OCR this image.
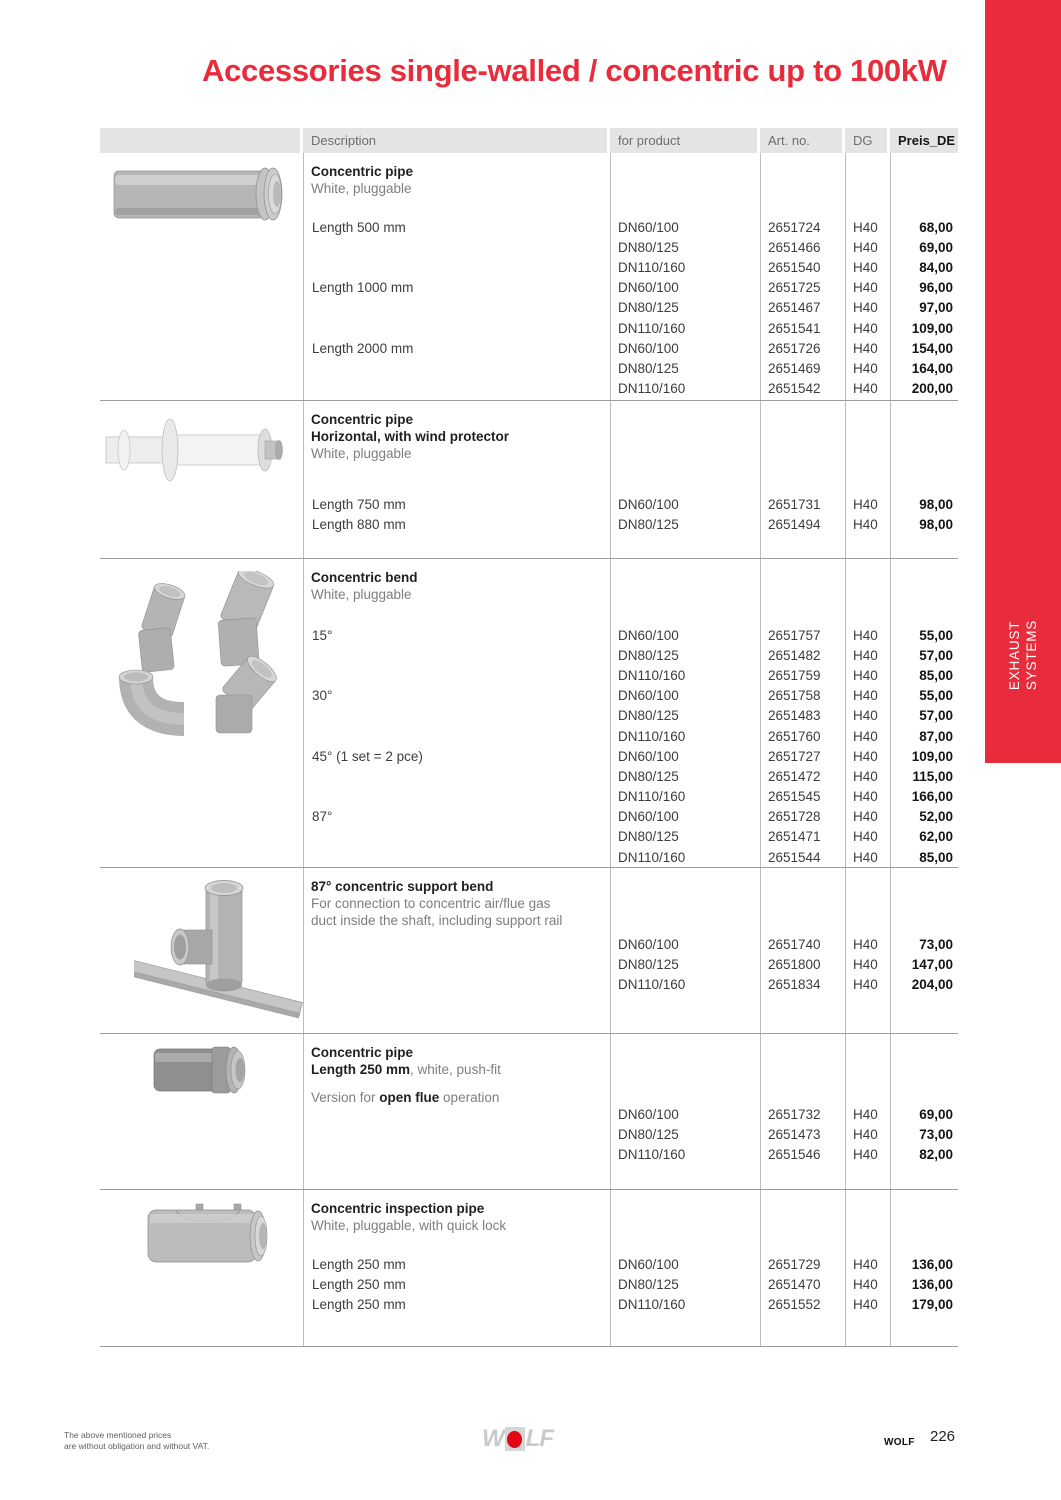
EXHAUST SYSTEMS
Accessories single-walled / concentric up to 100kW
Description	for product	Art. no.	DG	Preis_DE
Concentric pipe
White, pluggable
Length 500 mm	DN60/100	2651724	H40	68,00
DN80/125	2651466	H40	69,00
DN110/160	2651540	H40	84,00
Length 1000 mm	DN60/100	2651725	H40	96,00
DN80/125	2651467	H40	97,00
DN110/160	2651541	H40	109,00
Length 2000 mm	DN60/100	2651726	H40	154,00
DN80/125	2651469	H40	164,00
DN110/160	2651542	H40	200,00
Concentric pipe
Horizontal, with wind protector
White, pluggable
Length 750 mm	DN60/100	2651731	H40	98,00
Length 880 mm	DN80/125	2651494	H40	98,00
Concentric bend
White, pluggable
15°	DN60/100	2651757	H40	55,00
DN80/125	2651482	H40	57,00
DN110/160	2651759	H40	85,00
30°	DN60/100	2651758	H40	55,00
DN80/125	2651483	H40	57,00
DN110/160	2651760	H40	87,00
45° (1 set = 2 pce)	DN60/100	2651727	H40	109,00
DN80/125	2651472	H40	115,00
DN110/160	2651545	H40	166,00
87°	DN60/100	2651728	H40	52,00
DN80/125	2651471	H40	62,00
DN110/160	2651544	H40	85,00
87° concentric support bend
For connection to concentric air/flue gas
duct inside the shaft, including support rail
DN60/100	2651740	H40	73,00
DN80/125	2651800	H40	147,00
DN110/160	2651834	H40	204,00
Concentric pipe
Length 250 mm, white, push-fit
Version for open flue operation
DN60/100	2651732	H40	69,00
DN80/125	2651473	H40	73,00
DN110/160	2651546	H40	82,00
Concentric inspection pipe
White, pluggable, with quick lock
Length 250 mm	DN60/100	2651729	H40	136,00
Length 250 mm	DN80/125	2651470	H40	136,00
Length 250 mm	DN110/160	2651552	H40	179,00
The above mentioned prices
are without obligation and without VAT.	W LF	WOLF 226
